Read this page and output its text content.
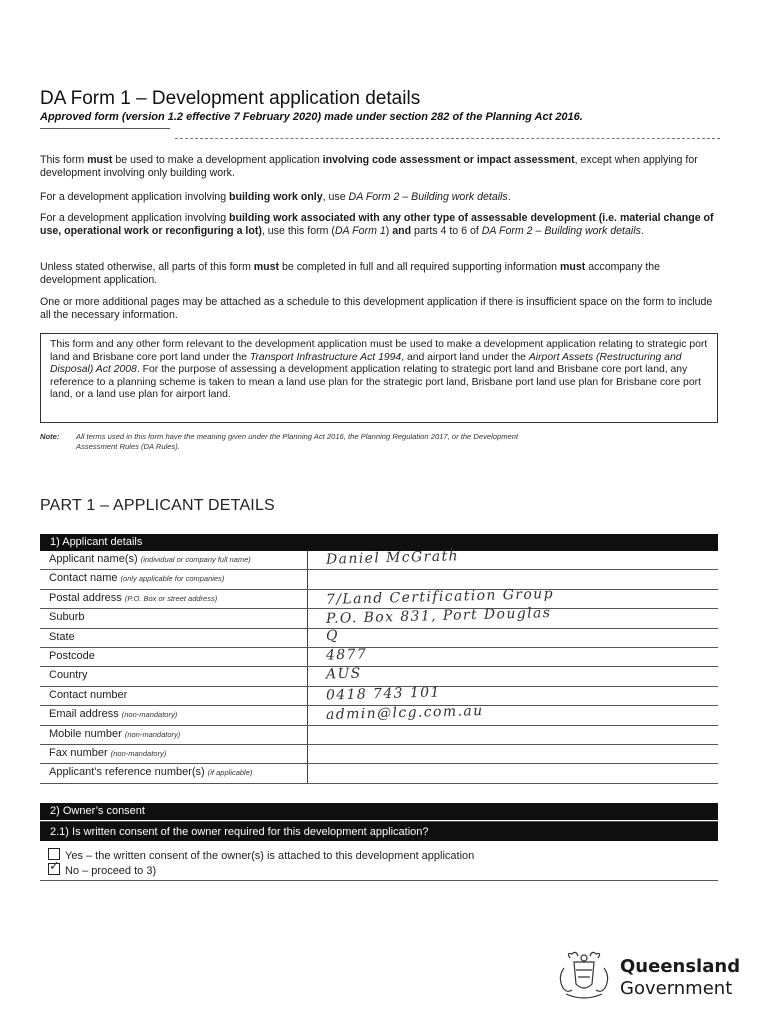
DA Form 1 – Development application details
Approved form (version 1.2 effective 7 February 2020) made under section 282 of the Planning Act 2016.
This form must be used to make a development application involving code assessment or impact assessment, except when applying for development involving only building work.
For a development application involving building work only, use DA Form 2 – Building work details.
For a development application involving building work associated with any other type of assessable development (i.e. material change of use, operational work or reconfiguring a lot), use this form (DA Form 1) and parts 4 to 6 of DA Form 2 – Building work details.
Unless stated otherwise, all parts of this form must be completed in full and all required supporting information must accompany the development application.
One or more additional pages may be attached as a schedule to this development application if there is insufficient space on the form to include all the necessary information.
This form and any other form relevant to the development application must be used to make a development application relating to strategic port land and Brisbane core port land under the Transport Infrastructure Act 1994, and airport land under the Airport Assets (Restructuring and Disposal) Act 2008. For the purpose of assessing a development application relating to strategic port land and Brisbane core port land, any reference to a planning scheme is taken to mean a land use plan for the strategic port land, Brisbane port land use plan for Brisbane core port land, or a land use plan for airport land.
Note: All terms used in this form have the meaning given under the Planning Act 2016, the Planning Regulation 2017, or the Development
Assessment Rules (DA Rules).
PART 1 – APPLICANT DETAILS
1) Applicant details
Applicant name(s) (individual or company full name)	Daniel McGrath
Contact name (only applicable for companies)
Postal address (P.O. Box or street address)	7/Land Certification Group
Suburb	P.O. Box 831, Port Douglas
State	Q
Postcode	4877
Country	AUS
Contact number	0418 743 101
Email address (non-mandatory)	admin@lcg.com.au
Mobile number (non-mandatory)
Fax number (non-mandatory)
Applicant’s reference number(s) (if applicable)
2) Owner’s consent
2.1) Is written consent of the owner required for this development application?
Yes – the written consent of the owner(s) is attached to this development application
✓ No – proceed to 3)
Queensland
Government
